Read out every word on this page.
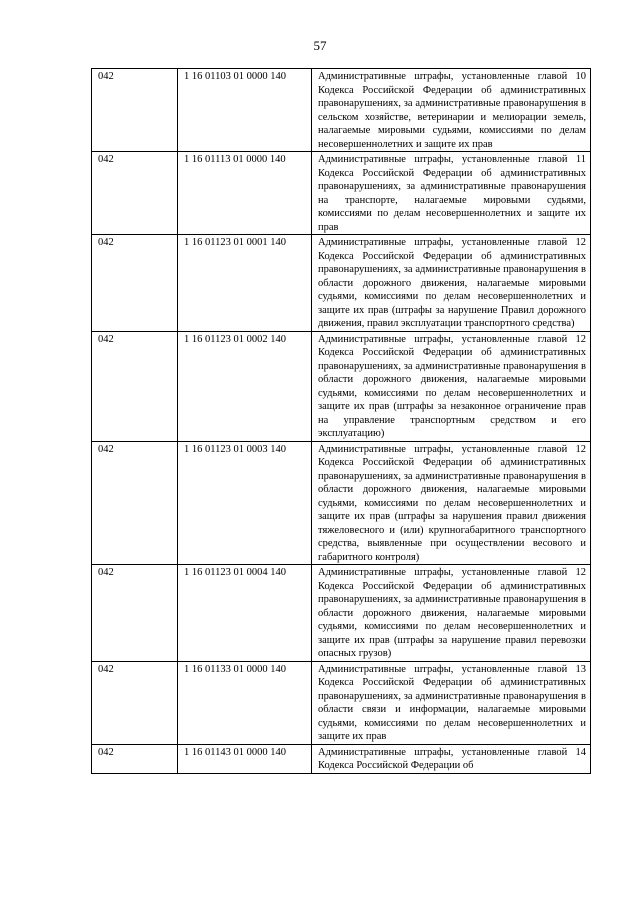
57
042	1 16 01103 01 0000 140	Административные штрафы, установленные главой 10 Кодекса Российской Федерации об административных правонарушениях, за административные правонарушения в сельском хозяйстве, ветеринарии и мелиорации земель, налагаемые мировыми судьями, комиссиями по делам несовершеннолетних и защите их прав
042	1 16 01113 01 0000 140	Административные штрафы, установленные главой 11 Кодекса Российской Федерации об административных правонарушениях, за административные правонарушения на транспорте, налагаемые мировыми судьями, комиссиями по делам несовершеннолетних и защите их прав
042	1 16 01123 01 0001 140	Административные штрафы, установленные главой 12 Кодекса Российской Федерации об административных правонарушениях, за административные правонарушения в области дорожного движения, налагаемые мировыми судьями, комиссиями по делам несовершеннолетних и защите их прав (штрафы за нарушение Правил дорожного движения, правил эксплуатации транспортного средства)
042	1 16 01123 01 0002 140	Административные штрафы, установленные главой 12 Кодекса Российской Федерации об административных правонарушениях, за административные правонарушения в области дорожного движения, налагаемые мировыми судьями, комиссиями по делам несовершеннолетних и защите их прав (штрафы за незаконное ограничение прав на управление транспортным средством и его эксплуатацию)
042	1 16 01123 01 0003 140	Административные штрафы, установленные главой 12 Кодекса Российской Федерации об административных правонарушениях, за административные правонарушения в области дорожного движения, налагаемые мировыми судьями, комиссиями по делам несовершеннолетних и защите их прав (штрафы за нарушения правил движения тяжеловесного и (или) крупногабаритного транспортного средства, выявленные при осуществлении весового и габаритного контроля)
042	1 16 01123 01 0004 140	Административные штрафы, установленные главой 12 Кодекса Российской Федерации об административных правонарушениях, за административные правонарушения в области дорожного движения, налагаемые мировыми судьями, комиссиями по делам несовершеннолетних и защите их прав (штрафы за нарушение правил перевозки опасных грузов)
042	1 16 01133 01 0000 140	Административные штрафы, установленные главой 13 Кодекса Российской Федерации об административных правонарушениях, за административные правонарушения в области связи и информации, налагаемые мировыми судьями, комиссиями по делам несовершеннолетних и защите их прав
042	1 16 01143 01 0000 140	Административные штрафы, установленные главой 14 Кодекса Российской Федерации об
